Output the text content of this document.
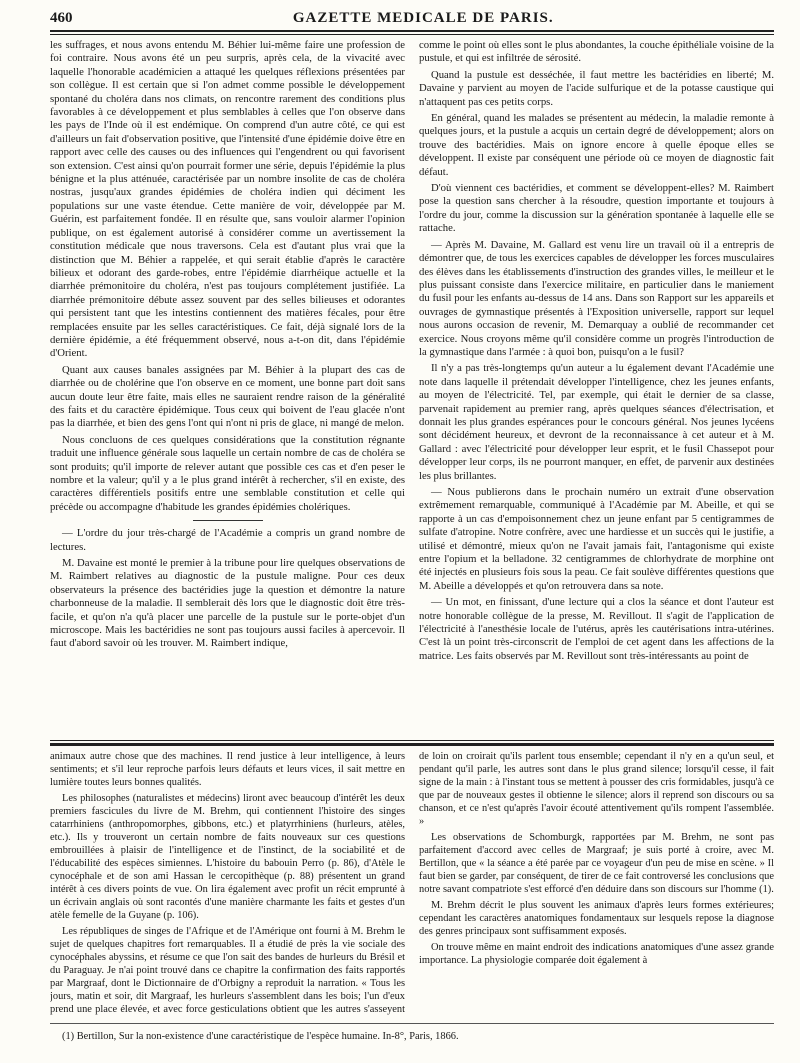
460	GAZETTE MEDICALE DE PARIS.

les suffrages, et nous avons entendu M. Béhier lui-même faire une profession de foi contraire. Nous avons été un peu surpris, après cela, de la vivacité avec laquelle l'honorable académicien a attaqué les quelques réflexions présentées par son collègue. Il est certain que si l'on admet comme possible le développement spontané du choléra dans nos climats, on rencontre rarement des conditions plus favorables à ce développement et plus semblables à celles que l'on observe dans les pays de l'Inde où il est endémique. On comprend d'un autre côté, ce qui est d'ailleurs un fait d'observation positive, que l'intensité d'une épidémie doive être en rapport avec celle des causes ou des influences qui l'engendrent ou qui favorisent son extension. C'est ainsi qu'on pourrait former une série, depuis l'épidémie la plus bénigne et la plus atténuée, caractérisée par un nombre insolite de cas de choléra nostras, jusqu'aux grandes épidémies de choléra indien qui déciment les populations sur une vaste étendue. Cette manière de voir, développée par M. Guérin, est parfaitement fondée. Il en résulte que, sans vouloir alarmer l'opinion publique, on est également autorisé à considérer comme un avertissement la constitution médicale que nous traversons. Cela est d'autant plus vrai que la distinction que M. Béhier a rappelée, et qui serait établie d'après le caractère bilieux et odorant des garde-robes, entre l'épidémie diarrhéique actuelle et la diarrhée prémonitoire du choléra, n'est pas toujours complétement justifiée. La diarrhée prémonitoire débute assez souvent par des selles bilieuses et odorantes qui persistent tant que les intestins contiennent des matières fécales, pour être remplacées ensuite par les selles caractéristiques. Ce fait, déjà signalé lors de la dernière épidémie, a été fréquemment observé, nous a-t-on dit, dans l'épidémie d'Orient.

Quant aux causes banales assignées par M. Béhier à la plupart des cas de diarrhée ou de cholérine que l'on observe en ce moment, une bonne part doit sans aucun doute leur être faite, mais elles ne sauraient rendre raison de la généralité des faits et du caractère épidémique. Tous ceux qui boivent de l'eau glacée n'ont pas la diarrhée, et bien des gens l'ont qui n'ont ni pris de glace, ni mangé de melon.

Nous concluons de ces quelques considérations que la constitution régnante traduit une influence générale sous laquelle un certain nombre de cas de choléra se sont produits; qu'il importe de relever autant que possible ces cas et d'en peser le nombre et la valeur; qu'il y a le plus grand intérêt à rechercher, s'il en existe, des caractères différentiels positifs entre une semblable constitution et celle qui précède ou accompagne d'habitude les grandes épidémies cholériques.

— L'ordre du jour très-chargé de l'Académie a compris un grand nombre de lectures.

M. Davaine est monté le premier à la tribune pour lire quelques observations de M. Raimbert relatives au diagnostic de la pustule maligne. Pour ces deux observateurs la présence des bactéridies juge la question et démontre la nature charbonneuse de la maladie. Il semblerait dès lors que le diagnostic doit être très-facile, et qu'on n'a qu'à placer une parcelle de la pustule sur le porte-objet d'un microscope. Mais les bactéridies ne sont pas toujours aussi faciles à apercevoir. Il faut d'abord savoir où les trouver. M. Raimbert indique,

comme le point où elles sont le plus abondantes, la couche épithéliale voisine de la pustule, et qui est infiltrée de sérosité.

Quand la pustule est desséchée, il faut mettre les bactéridies en liberté; M. Davaine y parvient au moyen de l'acide sulfurique et de la potasse caustique qui n'attaquent pas ces petits corps.

En général, quand les malades se présentent au médecin, la maladie remonte à quelques jours, et la pustule a acquis un certain degré de développement; alors on trouve des bactéridies. Mais on ignore encore à quelle époque elles se développent. Il existe par conséquent une période où ce moyen de diagnostic fait défaut.

D'où viennent ces bactéridies, et comment se développent-elles? M. Raimbert pose la question sans chercher à la résoudre, question importante et toujours à l'ordre du jour, comme la discussion sur la génération spontanée à laquelle elle se rattache.

— Après M. Davaine, M. Gallard est venu lire un travail où il a entrepris de démontrer que, de tous les exercices capables de développer les forces musculaires des élèves dans les établissements d'instruction des grandes villes, le meilleur et le plus puissant consiste dans l'exercice militaire, en particulier dans le maniement du fusil pour les enfants au-dessus de 14 ans. Dans son Rapport sur les appareils et ouvrages de gymnastique présentés à l'Exposition universelle, rapport sur lequel nous aurons occasion de revenir, M. Demarquay a oublié de recommander cet exercice. Nous croyons même qu'il considère comme un progrès l'introduction de la gymnastique dans l'armée : à quoi bon, puisqu'on a le fusil?

Il n'y a pas très-longtemps qu'un auteur a lu également devant l'Académie une note dans laquelle il prétendait développer l'intelligence, chez les jeunes enfants, au moyen de l'électricité. Tel, par exemple, qui était le dernier de sa classe, parvenait rapidement au premier rang, après quelques séances d'électrisation, et donnait les plus grandes espérances pour le concours général. Nos jeunes lycéens sont décidément heureux, et devront de la reconnaissance à cet auteur et à M. Gallard : avec l'électricité pour développer leur esprit, et le fusil Chassepot pour développer leur corps, ils ne pourront manquer, en effet, de parvenir aux destinées les plus brillantes.

— Nous publierons dans le prochain numéro un extrait d'une observation extrêmement remarquable, communiqué à l'Académie par M. Abeille, et qui se rapporte à un cas d'empoisonnement chez un jeune enfant par 5 centigrammes de sulfate d'atropine. Notre confrère, avec une hardiesse et un succès qui le justifie, a utilisé et démontré, mieux qu'on ne l'avait jamais fait, l'antagonisme qui existe entre l'opium et la belladone. 32 centigrammes de chlorhydrate de morphine ont été injectés en plusieurs fois sous la peau. Ce fait soulève différentes questions que M. Abeille a développés et qu'on retrouvera dans sa note.

— Un mot, en finissant, d'une lecture qui a clos la séance et dont l'auteur est notre honorable collègue de la presse, M. Revillout. Il s'agit de l'application de l'électricité à l'anesthésie locale de l'utérus, après les cautérisations intra-utérines. C'est là un point très-circonscrit de l'emploi de cet agent dans les affections de la matrice. Les faits observés par M. Revillout sont très-intéressants au point de

animaux autre chose que des machines. Il rend justice à leur intelligence, à leurs sentiments; et s'il leur reproche parfois leurs défauts et leurs vices, il sait mettre en lumière toutes leurs bonnes qualités.

Les philosophes (naturalistes et médecins) liront avec beaucoup d'intérêt les deux premiers fascicules du livre de M. Brehm, qui contiennent l'histoire des singes catarrhiniens (anthropomorphes, gibbons, etc.) et platyrrhiniens (hurleurs, atèles, etc.). Ils y trouveront un certain nombre de faits nouveaux sur ces questions embrouillées à plaisir de l'intelligence et de l'instinct, de la sociabilité et de l'éducabilité des espèces simiennes. L'histoire du babouin Perro (p. 86), d'Atèle le cynocéphale et de son ami Hassan le cercopithèque (p. 88) présentent un grand intérêt à ces divers points de vue. On lira également avec profit un récit emprunté à un écrivain anglais où sont racontés d'une manière charmante les faits et gestes d'un atèle femelle de la Guyane (p. 106).

Les républiques de singes de l'Afrique et de l'Amérique ont fourni à M. Brehm le sujet de quelques chapitres fort remarquables. Il a étudié de près la vie sociale des cynocéphales abyssins, et résume ce que l'on sait des bandes de hurleurs du Brésil et du Paraguay. Je n'ai point trouvé dans ce chapitre la confirmation des faits rapportés par Margraaf, dont le Dictionnaire de d'Orbigny a reproduit la narration. « Tous les jours, matin et soir, dit Margraaf, les hurleurs s'assemblent dans les bois; l'un d'eux prend une place élevée, et avec force gesticulations obtient que les autres s'asseyent

de loin on croirait qu'ils parlent tous ensemble; cependant il n'y en a qu'un seul, et pendant qu'il parle, les autres sont dans le plus grand silence; lorsqu'il cesse, il fait signe de la main : à l'instant tous se mettent à pousser des cris formidables, jusqu'à ce que par de nouveaux gestes il obtienne le silence; alors il reprend son discours ou sa chanson, et ce n'est qu'après l'avoir écouté attentivement qu'ils rompent l'assemblée. »

Les observations de Schomburgk, rapportées par M. Brehm, ne sont pas parfaitement d'accord avec celles de Margraaf; je suis porté à croire, avec M. Bertillon, que « la séance a été parée par ce voyageur d'un peu de mise en scène. » Il faut bien se garder, par conséquent, de tirer de ce fait controversé les conclusions que notre savant compatriote s'est efforcé d'en déduire dans son discours sur l'homme (1).

M. Brehm décrit le plus souvent les animaux d'après leurs formes extérieures; cependant les caractères anatomiques fondamentaux sur lesquels repose la diagnose des genres principaux sont suffisamment exposés.

On trouve même en maint endroit des indications anatomiques d'une assez grande importance. La physiologie comparée doit également à

(1) Bertillon, Sur la non-existence d'une caractéristique de l'espèce humaine. In-8°, Paris, 1866.
